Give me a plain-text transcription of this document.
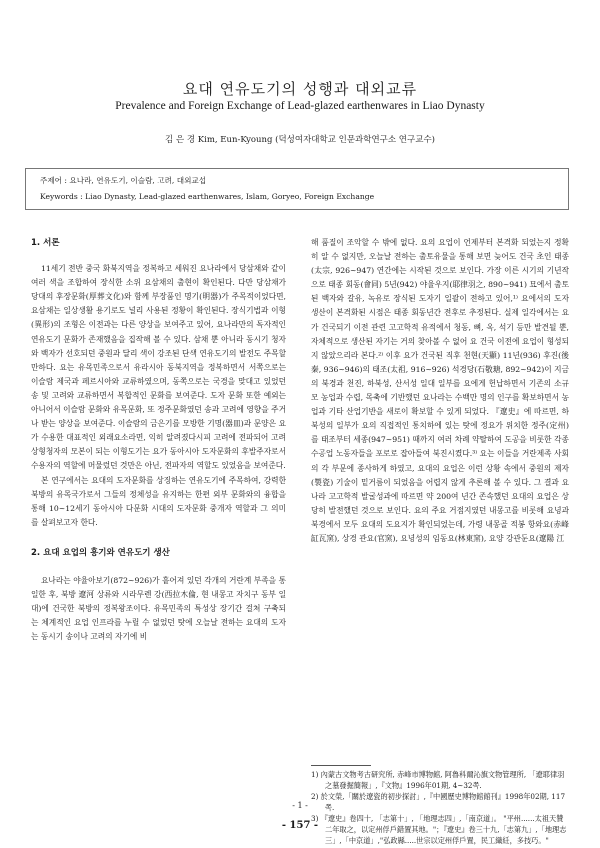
요대 연유도기의 성행과 대외교류
Prevalence and Foreign Exchange of Lead-glazed earthenwares in Liao Dynasty
김 은 경 Kim, Eun-Kyoung (덕성여자대학교 인문과학연구소 연구교수)
주제어 : 요나라, 연유도기, 이슬람, 고려, 대외교섭
Keywords : Liao Dynasty, Lead-glazed earthenwares, Islam, Goryeo, Foreign Exchange

1. 서론

11세기 전반 중국 화북지역을 정복하고 세워진 요나라에서 당삼채와 같이 여러 색을 조합하여 장식한 소위 요삼채의 출현이 확인된다. 다만 당삼채가 당대의 후장문화(厚葬文化)와 함께 부장품인 명기(明器)가 주목적이었다면, 요삼채는 일상생활 용기로도 널리 사용된 정황이 확인된다. 장식기법과 이형(異形)의 조형은 이전과는 다른 양상을 보여주고 있어, 요나라만의 독자적인 연유도기 문화가 존재했음을 집작해 볼 수 있다. 삼채 뿐 아니라 동시기 청자와 백자가 선호되던 중원과 달리 색이 강조된 단색 연유도기의 발전도 주목할 만하다. 요는 유목민족으로서 유라시아 동북지역을 정복하면서 서쪽으로는 이슬람 제국과 페르시아와 교류하였으며, 동쪽으로는 국경을 맞대고 있었던 송 및 고려와 교류하면서 복합적인 문화를 보여준다. 도자 문화 또한 예외는 아니어서 이슬람 문화와 유목문화, 또 정주문화였던 송과 고려에 영향을 주거나 받는 양상을 보여준다. 이슬람의 금은기를 모방한 기명(器皿)과 문양은 요가 수용한 대표적인 외래요소라면, 익히 알려졌다시피 고려에 전파되어 고려 상형청자의 모본이 되는 이형도기는 요가 동아시아 도자문화의 후발주자로서 수용자의 역할에 머물렀던 것만은 아닌, 전파자의 역할도 있었음을 보여준다.

본 연구에서는 요대의 도자문화를 상징하는 연유도기에 주목하여, 강력한 북방의 유목국가로서 그들의 정체성을 유지하는 한편 외부 문화와의 융합을 통해 10~12세기 동아시아 다문화 시대의 도자문화 중개자 역할과 그 의미를 살펴보고자 한다.

2. 요대 요업의 흥기와 연유도기 생산

요나라는 야율아보기(872~926)가 흩어져 있던 각개의 거란계 부족을 통일한 후, 북방 遼河 상류와 시라무렌 강(西拉木倫, 현 내몽고 자치구 동부 일대)에 건국한 북방의 정복왕조이다. 유목민족의 특성상 장기간 걸쳐 구축되는 체계적인 요업 인프라를 누릴 수 없었던 탓에 오늘날 전하는 요대의 도자는 동시기 송이나 고려의 자기에 비

해 품질이 조악할 수 밖에 없다. 요의 요업이 언제부터 본격화 되었는지 정확히 알 수 없지만, 오늘날 전하는 출토유물을 통해 보면 늦어도 건국 초인 태종(太宗, 926~947) 연간에는 시작된 것으로 보인다. 가장 이른 시기의 기년작으로 태종 회동(會同) 5년(942) 야율우지(耶律羽之, 890~941) 묘에서 출토된 백자와 갈유, 녹유로 장식된 도자기 일괄이 전하고 있어,¹⁾ 요에서의 도자 생산이 본격화된 시점은 태종 회동년간 전후로 추정된다. 실제 일각에서는 요가 건국되기 이전 관련 고고학적 유적에서 청동, 뼈, 옥, 석기 등만 발견될 뿐, 자체적으로 생산된 자기는 거의 찾아볼 수 없어 요 건국 이전에 요업이 형성되지 않았으리라 본다.²⁾ 이후 요가 건국된 직후 천현(天顯) 11년(936) 후진(後秦, 936~946)의 태조(太祖, 916~926) 석경당(石敬瑭, 892~942)이 지금의 북경과 천진, 하북성, 산서성 일대 일부를 요에게 헌납하면서 기존의 소규모 농업과 수렵, 목축에 기반했던 요나라는 수백만 명의 인구를 확보하면서 농업과 기타 산업기반을 새로이 확보할 수 있게 되었다. 『遼史』에 따르면, 하북성의 일부가 요의 직접적인 통치하에 있는 탓에 정요가 위치한 정주(定州)를 태조부터 세종(947~951) 때까지 여러 차례 약탈하여 도공을 비롯한 각종 수공업 노동자들을 포로로 잡아들여 북진시켰다.³⁾ 요는 이들을 거란제족 사회의 각 부문에 종사하게 하였고, 요대의 요업은 이런 상황 속에서 중원의 제자(製瓷) 기술이 밑거름이 되었음을 어렵지 않게 추론해 볼 수 있다. 그 결과 요나라 고고학적 발굴성과에 따르면 약 200여 년간 존속했던 요대의 요업은 상당히 발전했던 것으로 보인다. 요의 주요 거점지였던 내몽고를 비롯해 요녕과 북경에서 모두 요대의 도요지가 확인되었는데, 가령 내몽골 적봉 항와요(赤峰 缸瓦窯), 상경 관요(官窯), 요녕성의 임동요(林東窯), 요양 강관둔요(遼陽 江

1) 內蒙古文物考古研究所, 赤峰市博物館, 阿魯科爾沁旗文物管理所, 「遼耶律羽之墓發掘簡報」,『文物』1996年01期, 4~32쪽.
2) 於文榮,「關於遼瓷的初步探討」,『中國歷史博物館館刊』1998年02期, 117쪽.
3) 『遼史』卷四十, 「志第十」, 「地理志四」,「南京道」。 "平州......太祖天贊二年取之，以定州俘戶錯置其地。"；『遼史』卷三十九,「志第九」,「地理志三」,「中京道」,"弘政縣.....世宗以定州俘戶置，民工織紝，多技巧。"
- 1 -
- 157 -
